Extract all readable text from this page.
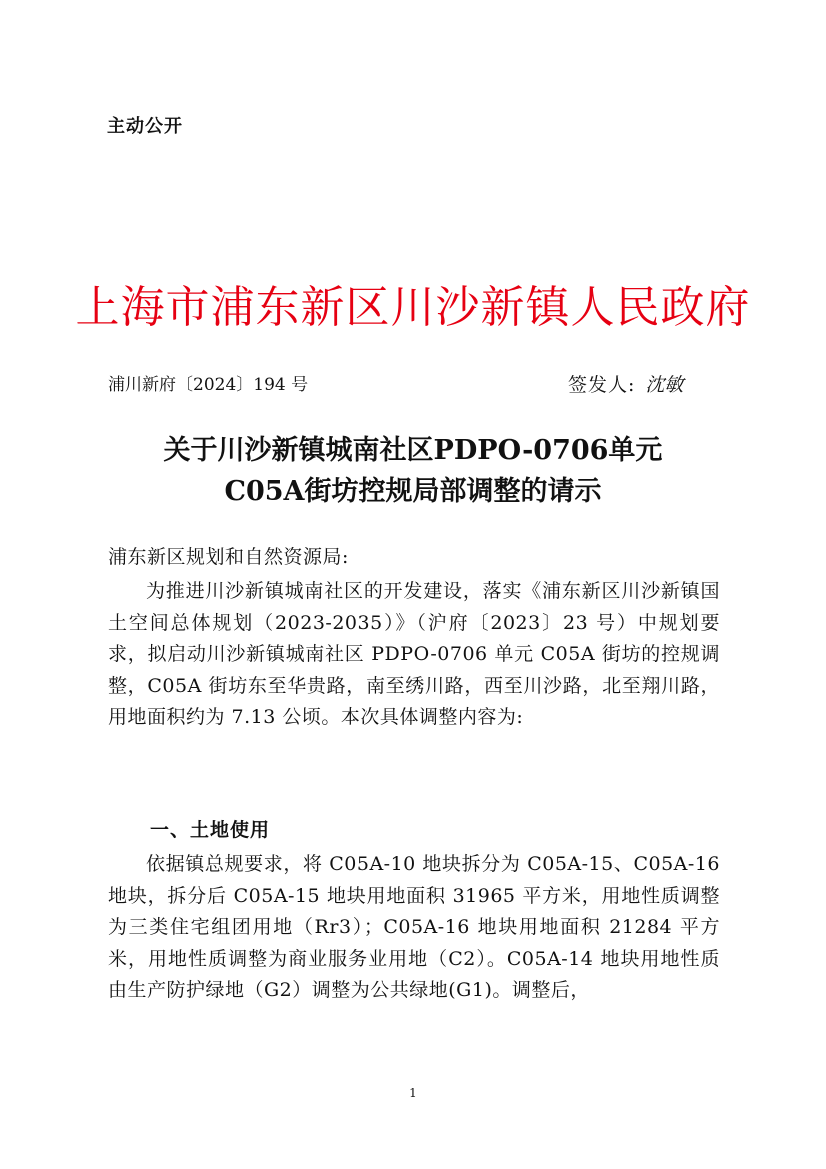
主动公开
上海市浦东新区川沙新镇人民政府
浦川新府〔2024〕194 号	签发人: 沈敏
关于川沙新镇城南社区PDPO-0706单元
C05A街坊控规局部调整的请示
浦东新区规划和自然资源局:

为推进川沙新镇城南社区的开发建设，落实《浦东新区川沙新镇国土空间总体规划（2023-2035）》（沪府〔2023〕23 号）中规划要求，拟启动川沙新镇城南社区 PDPO-0706 单元 C05A 街坊的控规调整，C05A 街坊东至华贵路，南至绣川路，西至川沙路，北至翔川路，用地面积约为 7.13 公顷。本次具体调整内容为:

一、土地使用

依据镇总规要求，将 C05A-10 地块拆分为 C05A-15、C05A-16 地块，拆分后 C05A-15 地块用地面积 31965 平方米，用地性质调整为三类住宅组团用地（Rr3）；C05A-16 地块用地面积 21284 平方米，用地性质调整为商业服务业用地（C2）。C05A-14 地块用地性质由生产防护绿地（G2）调整为公共绿地(G1)。调整后，

1
